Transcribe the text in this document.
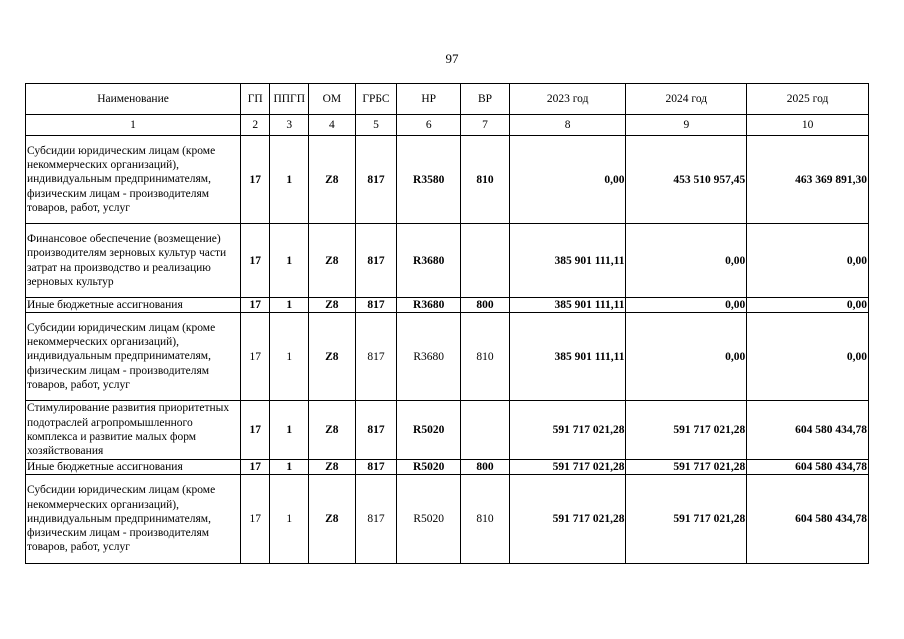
97
Наименование	ГП	ППГП	ОМ	ГРБС	НР	ВР	2023 год	2024 год	2025 год
1	2	3	4	5	6	7	8	9	10
Субсидии юридическим лицам (кроме некоммерческих организаций), индивидуальным предпринимателям, физическим лицам - производителям товаров, работ, услуг	17	1	Z8	817	R3580	810	0,00	453 510 957,45	463 369 891,30
Финансовое обеспечение (возмещение) производителям зерновых культур части затрат на производство и реализацию зерновых культур	17	1	Z8	817	R3680		385 901 111,11	0,00	0,00
Иные бюджетные ассигнования	17	1	Z8	817	R3680	800	385 901 111,11	0,00	0,00
Субсидии юридическим лицам (кроме некоммерческих организаций), индивидуальным предпринимателям, физическим лицам - производителям товаров, работ, услуг	17	1	Z8	817	R3680	810	385 901 111,11	0,00	0,00
Стимулирование развития приоритетных подотраслей агропромышленного комплекса и развитие малых форм хозяйствования	17	1	Z8	817	R5020		591 717 021,28	591 717 021,28	604 580 434,78
Иные бюджетные ассигнования	17	1	Z8	817	R5020	800	591 717 021,28	591 717 021,28	604 580 434,78
Субсидии юридическим лицам (кроме некоммерческих организаций), индивидуальным предпринимателям, физическим лицам - производителям товаров, работ, услуг	17	1	Z8	817	R5020	810	591 717 021,28	591 717 021,28	604 580 434,78
